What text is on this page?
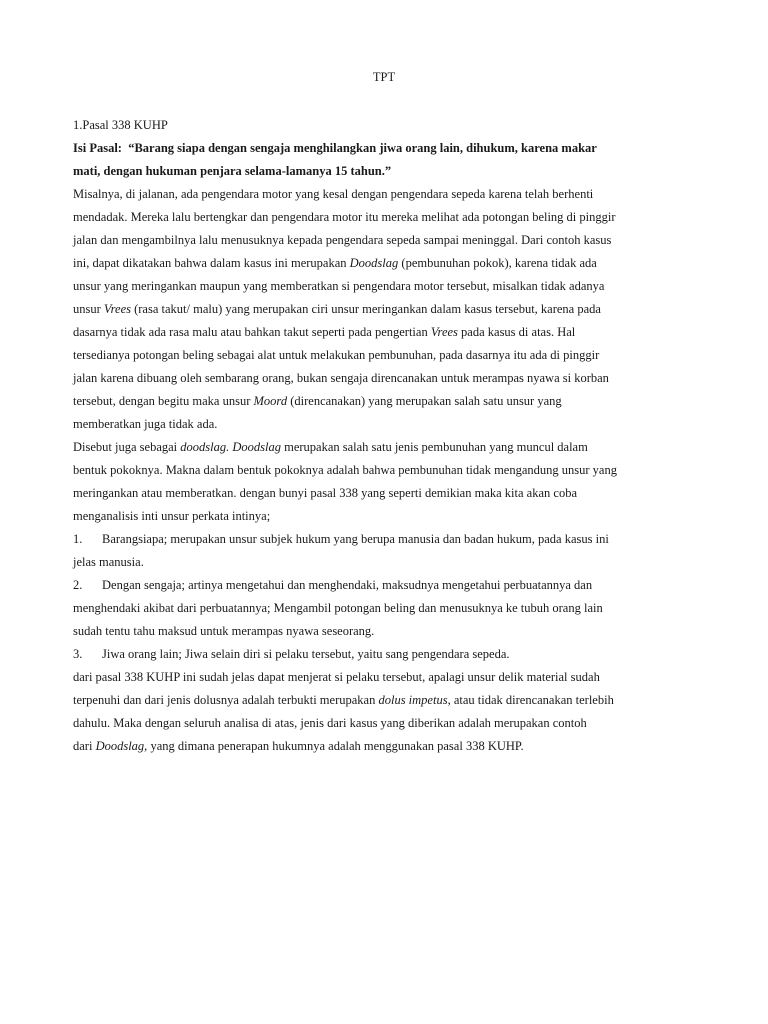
TPT
1.Pasal 338 KUHP
Isi Pasal: “Barang siapa dengan sengaja menghilangkan jiwa orang lain, dihukum, karena makar
mati, dengan hukuman penjara selama-lamanya 15 tahun.”
Misalnya, di jalanan, ada pengendara motor yang kesal dengan pengendara sepeda karena telah berhenti
mendadak. Mereka lalu bertengkar dan pengendara motor itu mereka melihat ada potongan beling di pinggir
jalan dan mengambilnya lalu menusuknya kepada pengendara sepeda sampai meninggal. Dari contoh kasus
ini, dapat dikatakan bahwa dalam kasus ini merupakan Doodslag (pembunuhan pokok), karena tidak ada
unsur yang meringankan maupun yang memberatkan si pengendara motor tersebut, misalkan tidak adanya
unsur Vrees (rasa takut/ malu) yang merupakan ciri unsur meringankan dalam kasus tersebut, karena pada
dasarnya tidak ada rasa malu atau bahkan takut seperti pada pengertian Vrees pada kasus di atas. Hal
tersedianya potongan beling sebagai alat untuk melakukan pembunuhan, pada dasarnya itu ada di pinggir
jalan karena dibuang oleh sembarang orang, bukan sengaja direncanakan untuk merampas nyawa si korban
tersebut, dengan begitu maka unsur Moord (direncanakan) yang merupakan salah satu unsur yang
memberatkan juga tidak ada.
Disebut juga sebagai doodslag. Doodslag merupakan salah satu jenis pembunuhan yang muncul dalam
bentuk pokoknya. Makna dalam bentuk pokoknya adalah bahwa pembunuhan tidak mengandung unsur yang
meringankan atau memberatkan. dengan bunyi pasal 338 yang seperti demikian maka kita akan coba
menganalisis inti unsur perkata intinya;
1. Barangsiapa; merupakan unsur subjek hukum yang berupa manusia dan badan hukum, pada kasus ini
jelas manusia.
2. Dengan sengaja; artinya mengetahui dan menghendaki, maksudnya mengetahui perbuatannya dan
menghendaki akibat dari perbuatannya; Mengambil potongan beling dan menusuknya ke tubuh orang lain
sudah tentu tahu maksud untuk merampas nyawa seseorang.
3. Jiwa orang lain; Jiwa selain diri si pelaku tersebut, yaitu sang pengendara sepeda.
dari pasal 338 KUHP ini sudah jelas dapat menjerat si pelaku tersebut, apalagi unsur delik material sudah
terpenuhi dan dari jenis dolusnya adalah terbukti merupakan dolus impetus, atau tidak direncanakan terlebih
dahulu. Maka dengan seluruh analisa di atas, jenis dari kasus yang diberikan adalah merupakan contoh
dari Doodslag, yang dimana penerapan hukumnya adalah menggunakan pasal 338 KUHP.
